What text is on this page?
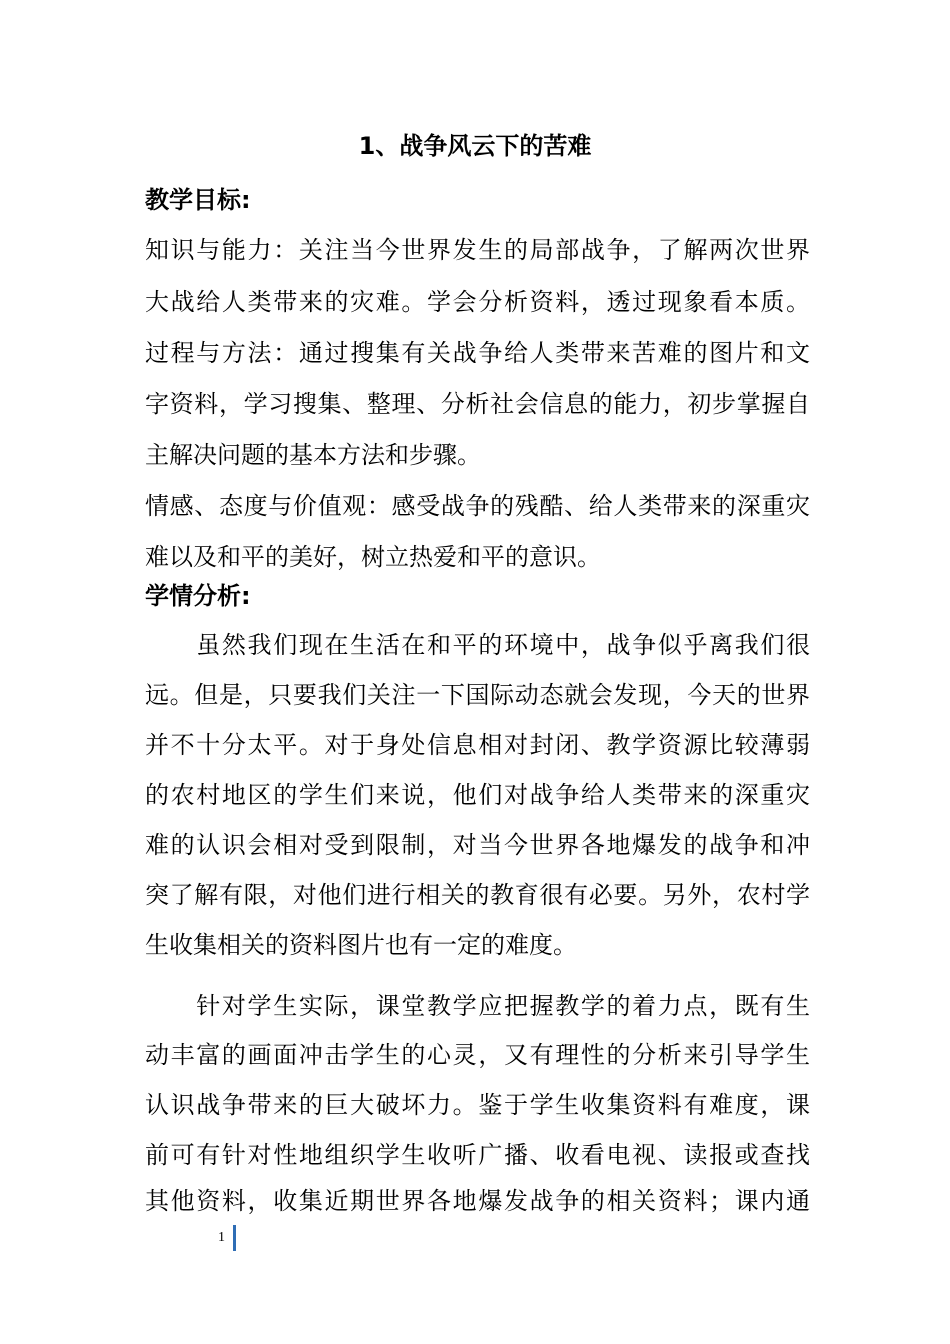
1、战争风云下的苦难
教学目标:

知识与能力：关注当今世界发生的局部战争，了解两次世界

大战给人类带来的灾难。学会分析资料，透过现象看本质。

过程与方法：通过搜集有关战争给人类带来苦难的图片和文

字资料，学习搜集、整理、分析社会信息的能力，初步掌握自

主解决问题的基本方法和步骤。

情感、态度与价值观：感受战争的残酷、给人类带来的深重灾

难以及和平的美好，树立热爱和平的意识。

学情分析:

　　虽然我们现在生活在和平的环境中，战争似乎离我们很

远。但是，只要我们关注一下国际动态就会发现，今天的世界

并不十分太平。对于身处信息相对封闭、教学资源比较薄弱

的农村地区的学生们来说，他们对战争给人类带来的深重灾

难的认识会相对受到限制，对当今世界各地爆发的战争和冲

突了解有限，对他们进行相关的教育很有必要。另外，农村学

生收集相关的资料图片也有一定的难度。

　　针对学生实际，课堂教学应把握教学的着力点，既有生

动丰富的画面冲击学生的心灵，又有理性的分析来引导学生

认识战争带来的巨大破坏力。鉴于学生收集资料有难度，课

前可有针对性地组织学生收听广播、收看电视、读报或查找

其他资料，收集近期世界各地爆发战争的相关资料；课内通

1
